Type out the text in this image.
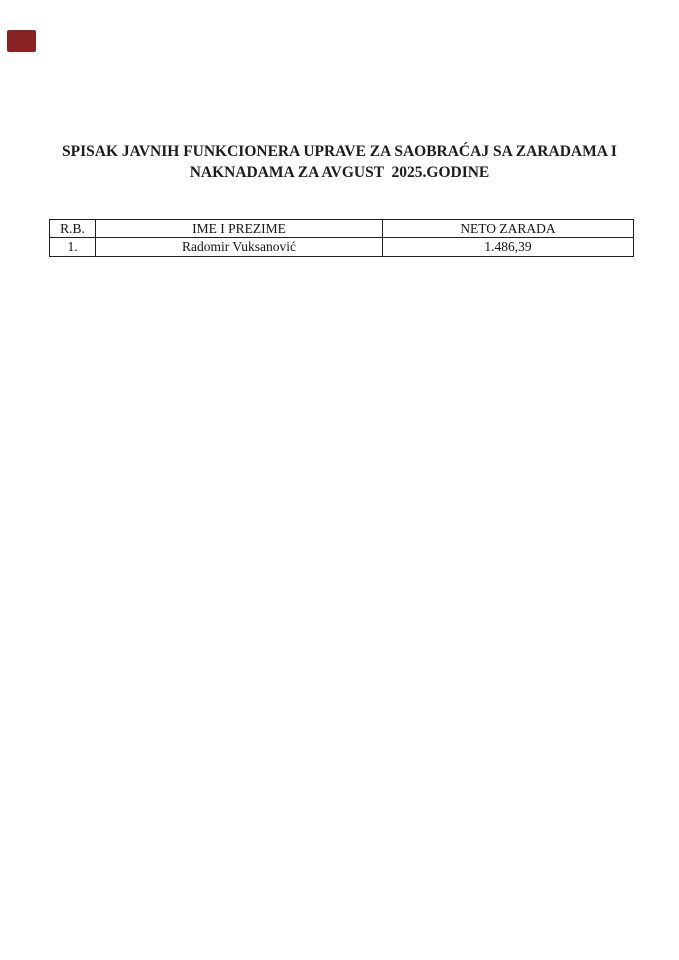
SPISAK JAVNIH FUNKCIONERA UPRAVE ZA SAOBRAĆAJ SA ZARADAMA I
NAKNADAMA ZA AVGUST  2025.GODINE
R.B.	IME I PREZIME	NETO ZARADA
1.	Radomir Vuksanović	1.486,39
